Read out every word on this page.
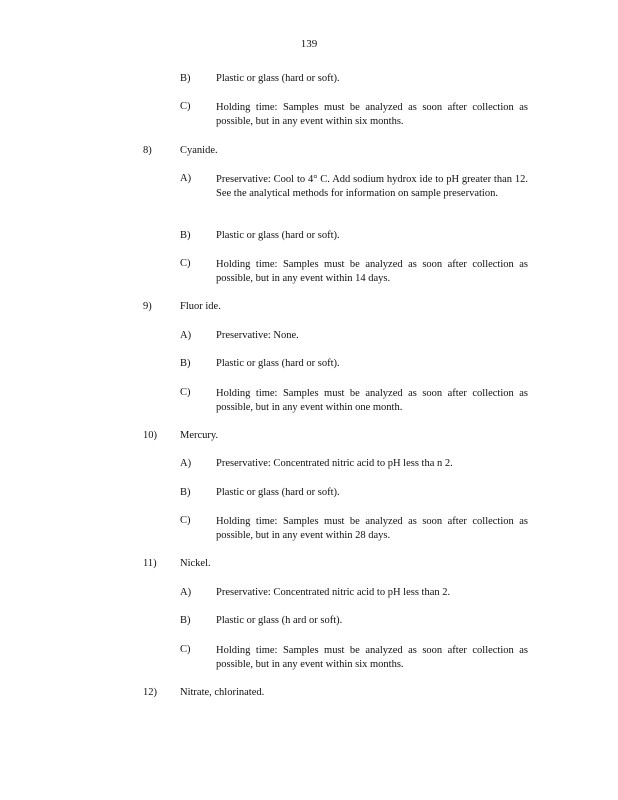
139
B) Plastic or glass (hard or soft).
C) Holding time: Samples must be analyzed as soon after collection as possible, but in any event within six months.
8)	Cyanide.
A) Preservative: Cool to 4° C. Add sodium hydrox ide to pH greater than 12. See the analytical methods for information on sample preservation.
B) Plastic or glass (hard or soft).
C) Holding time: Samples must be analyzed as soon after collection as possible, but in any event within 14 days.
9)	Fluor ide.
A) Preservative: None.
B) Plastic or glass (hard or soft).
C) Holding time: Samples must be analyzed as soon after collection as possible, but in any event within one month.
10) Mercury.
A) Preservative: Concentrated nitric acid to pH less tha n 2.
B) Plastic or glass (hard or soft).
C) Holding time: Samples must be analyzed as soon after collection as possible, but in any event within 28 days.
11) Nickel.
A) Preservative: Concentrated nitric acid to pH less than 2.
B) Plastic or glass (h ard or soft).
C) Holding time: Samples must be analyzed as soon after collection as possible, but in any event within six months.
12) Nitrate, chlorinated.
